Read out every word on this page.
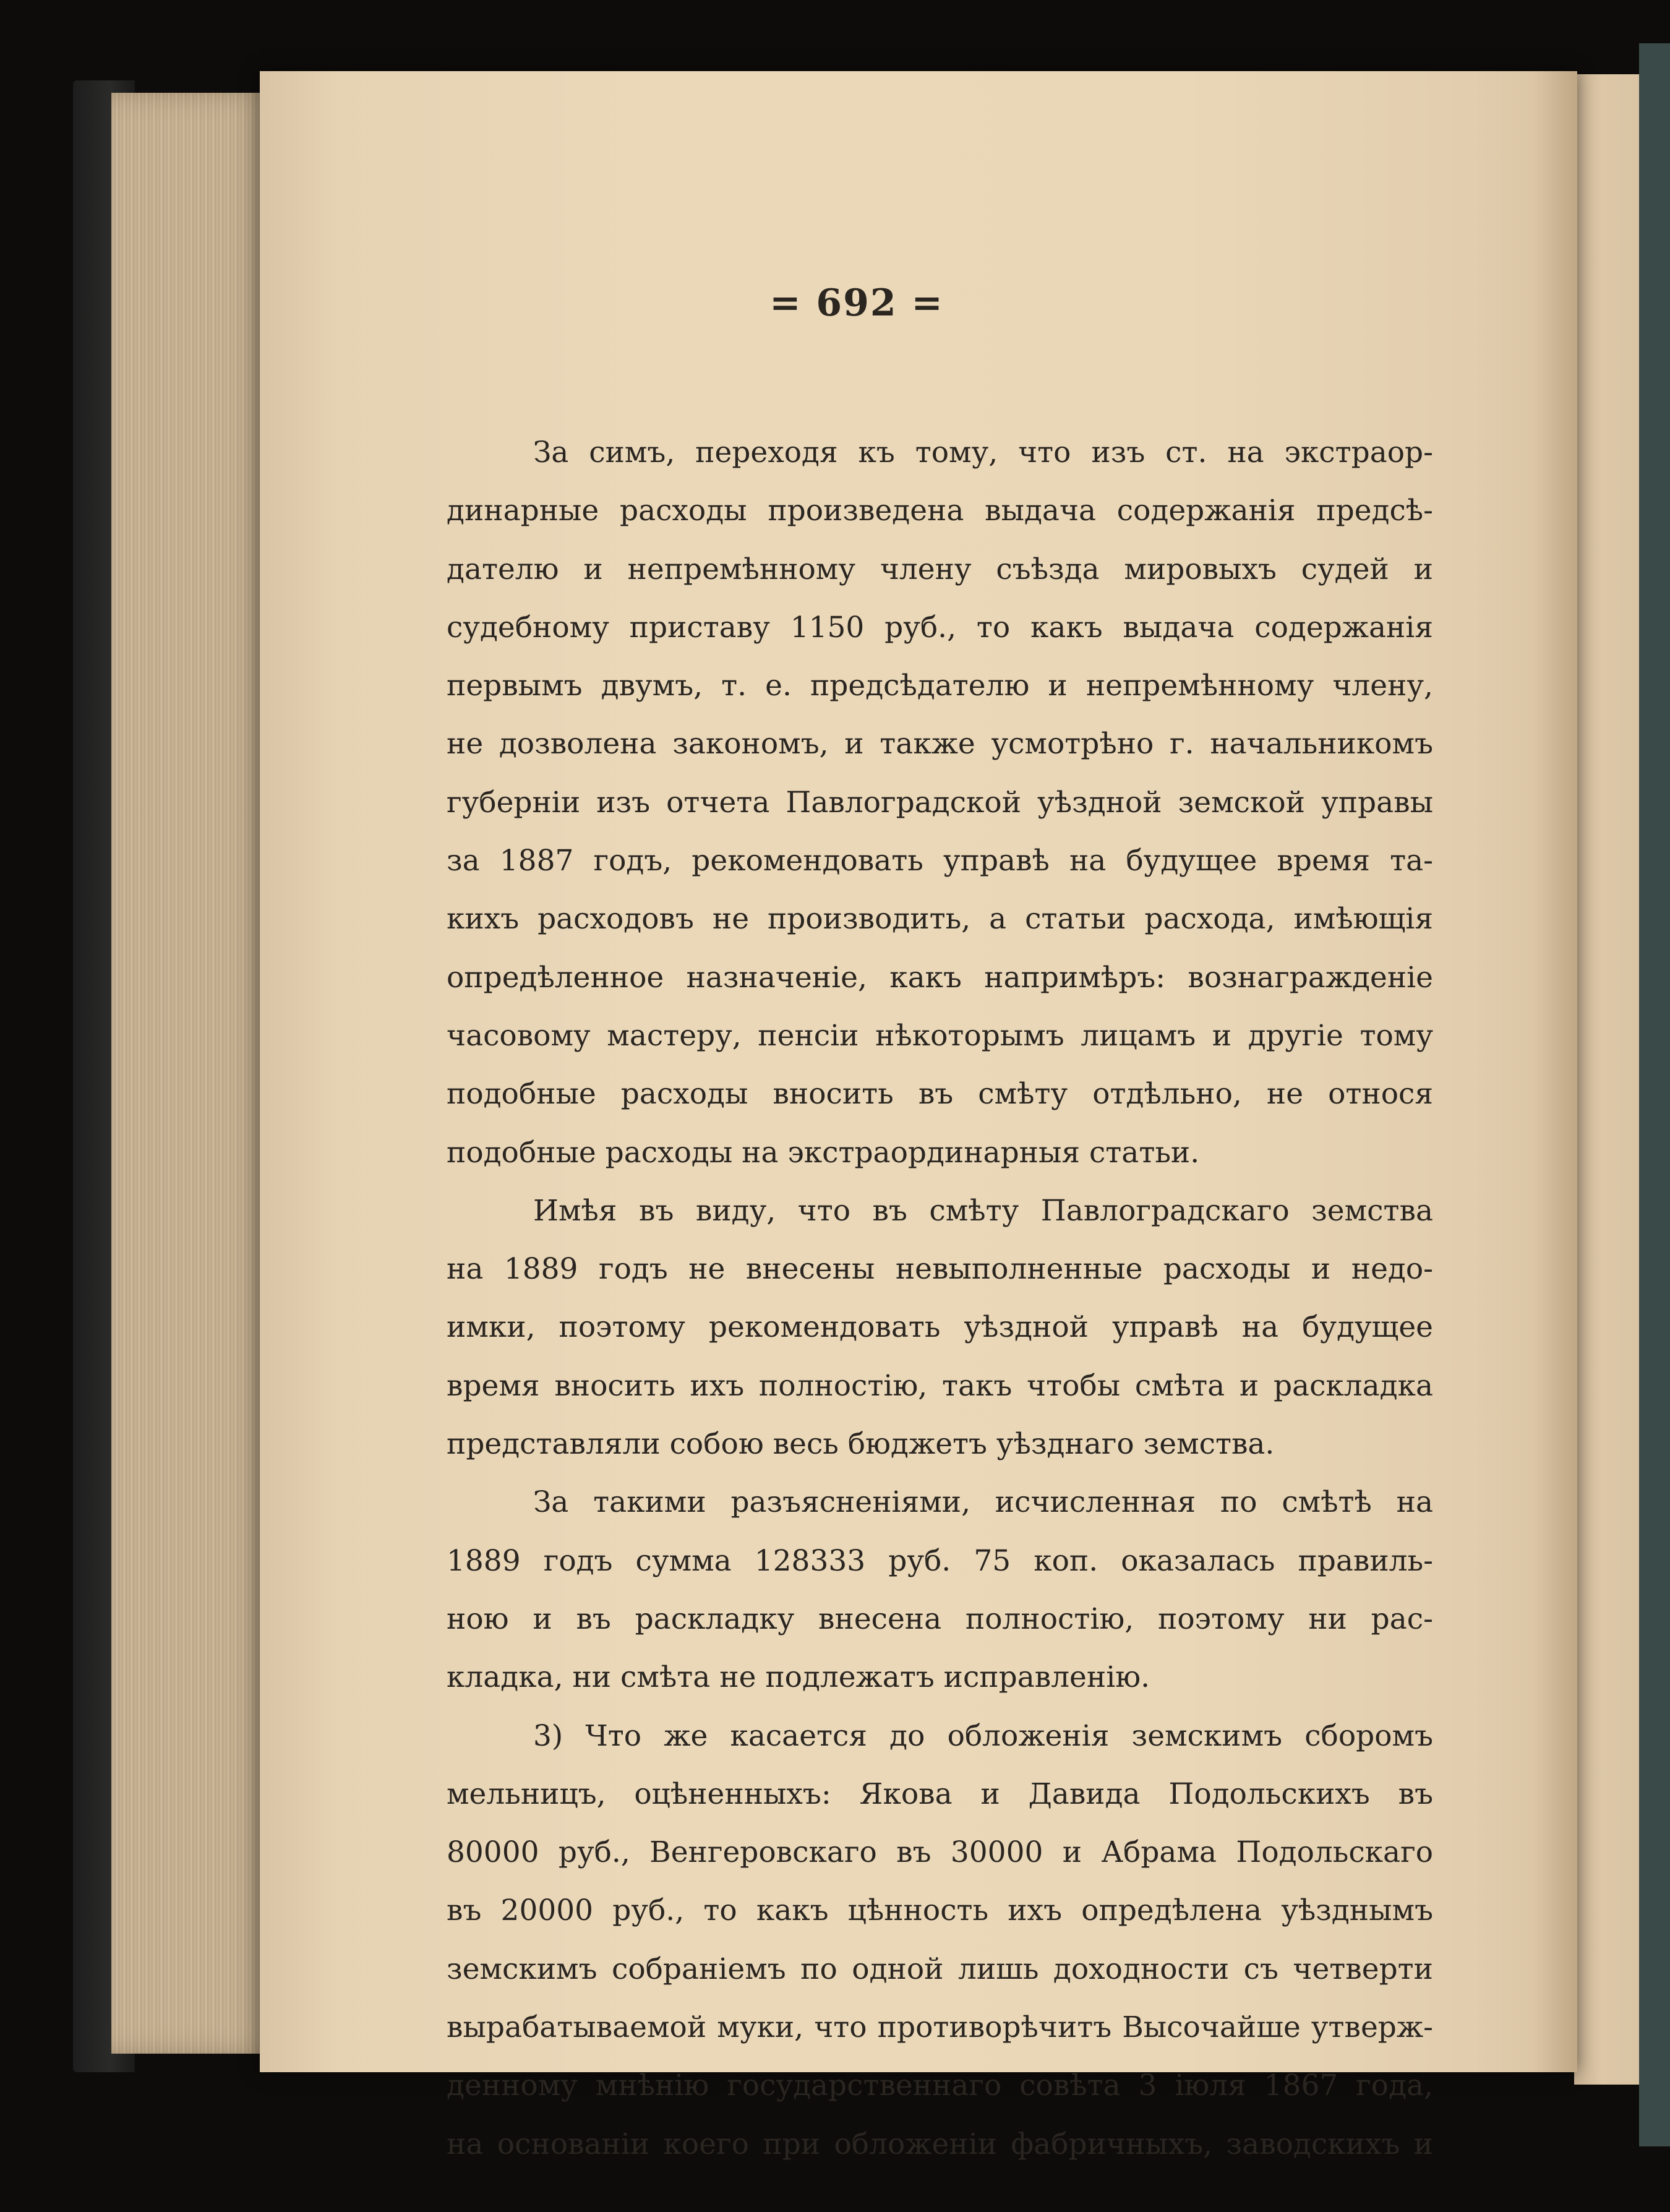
= 692 =
За симъ, переходя къ тому, что изъ ст. на экстраор-
динарные расходы произведена выдача содержанія предсѣ-
дателю и непремѣнному члену съѣзда мировыхъ судей и
судебному приставу 1150 руб., то какъ выдача содержанія
первымъ двумъ, т. е. предсѣдателю и непремѣнному члену,
не дозволена закономъ, и также усмотрѣно г. начальникомъ
губерніи изъ отчета Павлоградской уѣздной земской управы
за 1887 годъ, рекомендовать управѣ на будущее время та-
кихъ расходовъ не производить, а статьи расхода, имѣющія
опредѣленное назначеніе, какъ напримѣръ: вознагражденіе
часовому мастеру, пенсіи нѣкоторымъ лицамъ и другіе тому
подобные расходы вносить въ смѣту отдѣльно, не относя
подобные расходы на экстраординарныя статьи.
Имѣя въ виду, что въ смѣту Павлоградскаго земства
на 1889 годъ не внесены невыполненные расходы и недо-
имки, поэтому рекомендовать уѣздной управѣ на будущее
время вносить ихъ полностію, такъ чтобы смѣта и раскладка
представляли собою весь бюджетъ уѣзднаго земства.
За такими разъясненіями, исчисленная по смѣтѣ на
1889 годъ сумма 128333 руб. 75 коп. оказалась правиль-
ною и въ раскладку внесена полностію, поэтому ни рас-
кладка, ни смѣта не подлежатъ исправленію.
3) Что же касается до обложенія земскимъ сборомъ
мельницъ, оцѣненныхъ: Якова и Давида Подольскихъ въ
80000 руб., Венгеровскаго въ 30000 и Абрама Подольскаго
въ 20000 руб., то какъ цѣнность ихъ опредѣлена уѣзднымъ
земскимъ собраніемъ по одной лишь доходности съ четверти
вырабатываемой муки, что противорѣчитъ Высочайше утверж-
денному мнѣнію государственнаго совѣта 3 іюля 1867 года,
на основаніи коего при обложеніи фабричныхъ, заводскихъ и
